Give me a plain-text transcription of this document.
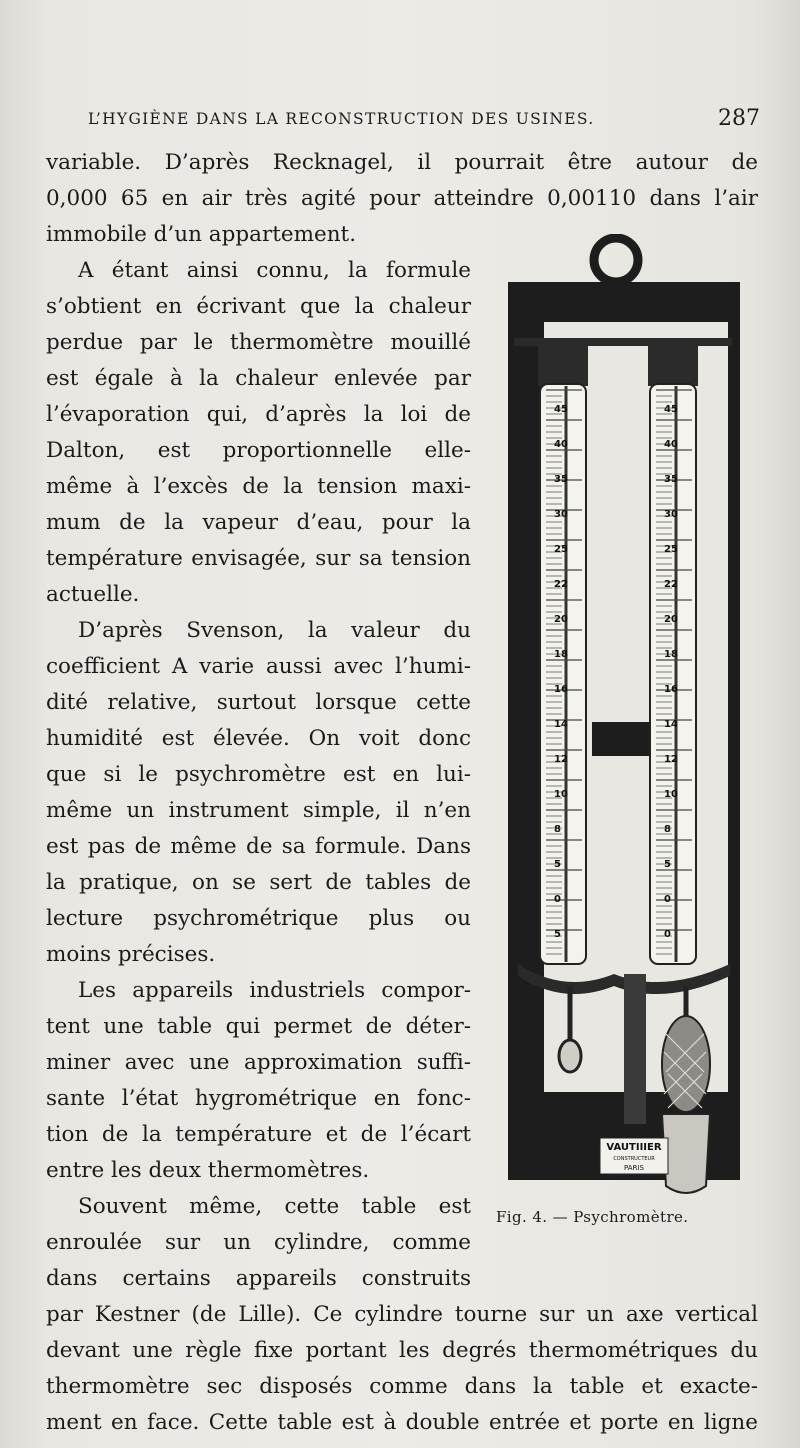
L’HYGIÈNE DANS LA RECONSTRUCTION DES USINES.	287
variable. D’après Recknagel, il pourrait être autour de
0,000 65 en air très agité pour atteindre 0,00110 dans l’air
immobile d’un appartement.
A étant ainsi connu, la formule
s’obtient en écrivant que la chaleur
perdue par le thermomètre mouillé
est égale à la chaleur enlevée par
l’évaporation qui, d’après la loi de
Dalton, est proportionnelle elle-
même à l’excès de la tension maxi-
mum de la vapeur d’eau, pour la
température envisagée, sur sa tension
actuelle.
D’après Svenson, la valeur du
coefficient A varie aussi avec l’humi-
dité relative, surtout lorsque cette
humidité est élevée. On voit donc
que si le psychromètre est en lui-
même un instrument simple, il n’en
est pas de même de sa formule. Dans
la pratique, on se sert de tables de
lecture psychrométrique plus ou
moins précises.
Les appareils industriels compor-
tent une table qui permet de déter-
miner avec une approximation suffi-
sante l’état hygrométrique en fonc-
tion de la température et de l’écart
entre les deux thermomètres.
Souvent même, cette table est
enroulée sur un cylindre, comme
dans certains appareils construits
par Kestner (de Lille). Ce cylindre tourne sur un axe vertical
devant une règle fixe portant les degrés thermométriques du
thermomètre sec disposés comme dans la table et exacte-
ment en face. Cette table est à double entrée et porte en ligne
45
40
35
30
25
22
20
18
16
14
12
10
8
5
0
5
45
40
35
30
25
22
20
18
16
14
12
10
8
5
0
0
VAUTIIIER
CONSTRUCTEUR
PARIS
Fig. 4. — Psychromètre.
